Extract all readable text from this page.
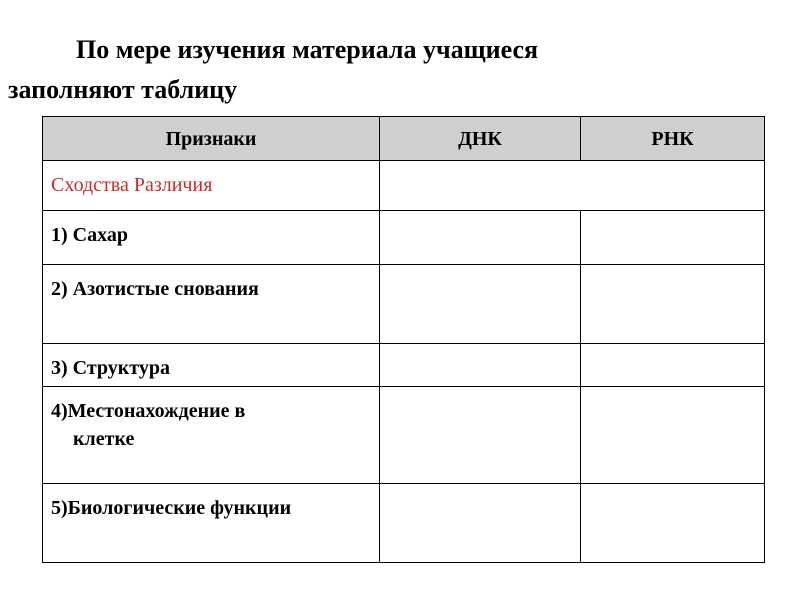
По мере изучения материала учащиеся
заполняют таблицу
Признаки	ДНК	РНК
Сходства Различия		
1) Сахар		
2) Азотистые снования		
3) Структура		

4)Местонахождение в
клетке		

5)Биологические функции		
